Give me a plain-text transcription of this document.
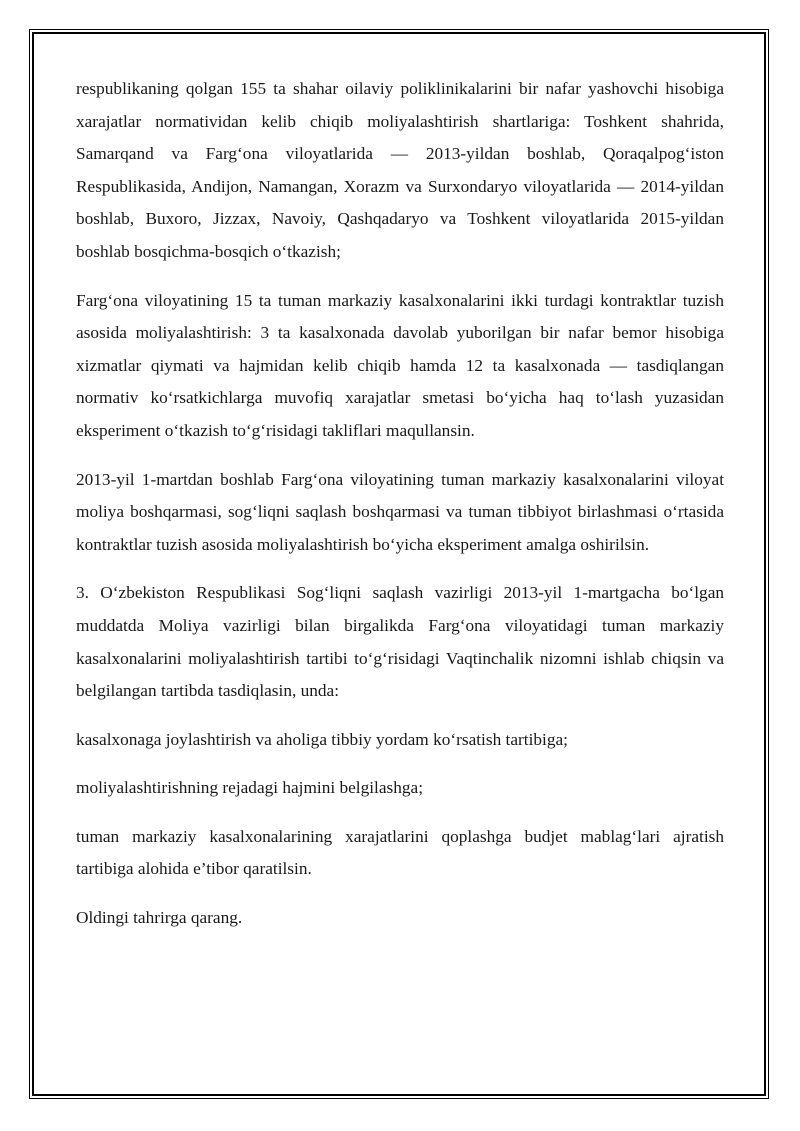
respublikaning qolgan 155 ta shahar oilaviy poliklinikalarini bir nafar yashovchi hisobiga xarajatlar normatividan kelib chiqib moliyalashtirish shartlariga: Toshkent shahrida, Samarqand va Farg‘ona viloyatlarida — 2013-yildan boshlab, Qoraqalpog‘iston Respublikasida, Andijon, Namangan, Xorazm va Surxondaryo viloyatlarida — 2014-yildan boshlab, Buxoro, Jizzax, Navoiy, Qashqadaryo va Toshkent viloyatlarida 2015-yildan boshlab bosqichma-bosqich o‘tkazish;

Farg‘ona viloyatining 15 ta tuman markaziy kasalxonalarini ikki turdagi kontraktlar tuzish asosida moliyalashtirish: 3 ta kasalxonada davolab yuborilgan bir nafar bemor hisobiga xizmatlar qiymati va hajmidan kelib chiqib hamda 12 ta kasalxonada — tasdiqlangan normativ ko‘rsatkichlarga muvofiq xarajatlar smetasi bo‘yicha haq to‘lash yuzasidan eksperiment o‘tkazish to‘g‘risidagi takliflari maqullansin.

2013-yil 1-martdan boshlab Farg‘ona viloyatining tuman markaziy kasalxonalarini viloyat moliya boshqarmasi, sog‘liqni saqlash boshqarmasi va tuman tibbiyot birlashmasi o‘rtasida kontraktlar tuzish asosida moliyalashtirish bo‘yicha eksperiment amalga oshirilsin.

3. O‘zbekiston Respublikasi Sog‘liqni saqlash vazirligi 2013-yil 1-martgacha bo‘lgan muddatda Moliya vazirligi bilan birgalikda Farg‘ona viloyatidagi tuman markaziy kasalxonalarini moliyalashtirish tartibi to‘g‘risidagi Vaqtinchalik nizomni ishlab chiqsin va belgilangan tartibda tasdiqlasin, unda:

kasalxonaga joylashtirish va aholiga tibbiy yordam ko‘rsatish tartibiga;

moliyalashtirishning rejadagi hajmini belgilashga;

tuman markaziy kasalxonalarining xarajatlarini qoplashga budjet mablag‘lari ajratish tartibiga alohida e’tibor qaratilsin.

Oldingi tahrirga qarang.
